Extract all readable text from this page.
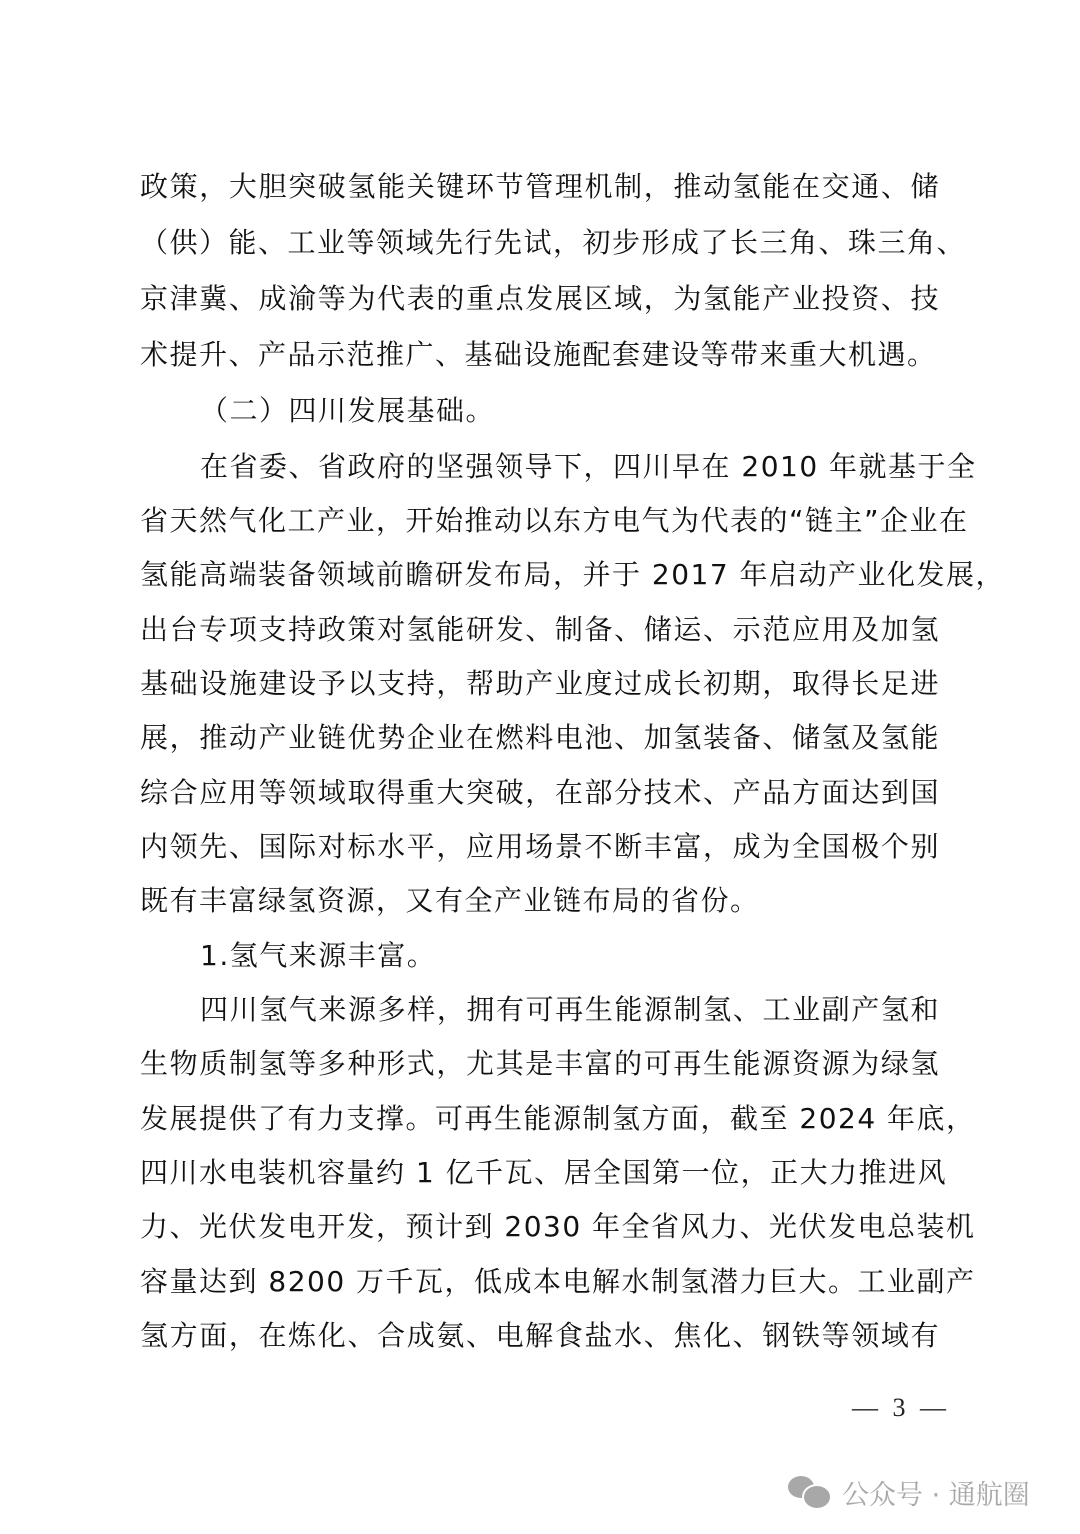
政策，大胆突破氢能关键环节管理机制，推动氢能在交通、储
（供）能、工业等领域先行先试，初步形成了长三角、珠三角、
京津冀、成渝等为代表的重点发展区域，为氢能产业投资、技
术提升、产品示范推广、基础设施配套建设等带来重大机遇。
（二）四川发展基础。
在省委、省政府的坚强领导下，四川早在 2010 年就基于全
省天然气化工产业，开始推动以东方电气为代表的“链主”企业在
氢能高端装备领域前瞻研发布局，并于 2017 年启动产业化发展，
出台专项支持政策对氢能研发、制备、储运、示范应用及加氢
基础设施建设予以支持，帮助产业度过成长初期，取得长足进
展，推动产业链优势企业在燃料电池、加氢装备、储氢及氢能
综合应用等领域取得重大突破，在部分技术、产品方面达到国
内领先、国际对标水平，应用场景不断丰富，成为全国极个别
既有丰富绿氢资源，又有全产业链布局的省份。
1.氢气来源丰富。
四川氢气来源多样，拥有可再生能源制氢、工业副产氢和
生物质制氢等多种形式，尤其是丰富的可再生能源资源为绿氢
发展提供了有力支撑。可再生能源制氢方面，截至 2024 年底，
四川水电装机容量约 1 亿千瓦、居全国第一位，正大力推进风
力、光伏发电开发，预计到 2030 年全省风力、光伏发电总装机
容量达到 8200 万千瓦，低成本电解水制氢潜力巨大。工业副产
氢方面，在炼化、合成氨、电解食盐水、焦化、钢铁等领域有
— 3 —
公众号 · 通航圈
